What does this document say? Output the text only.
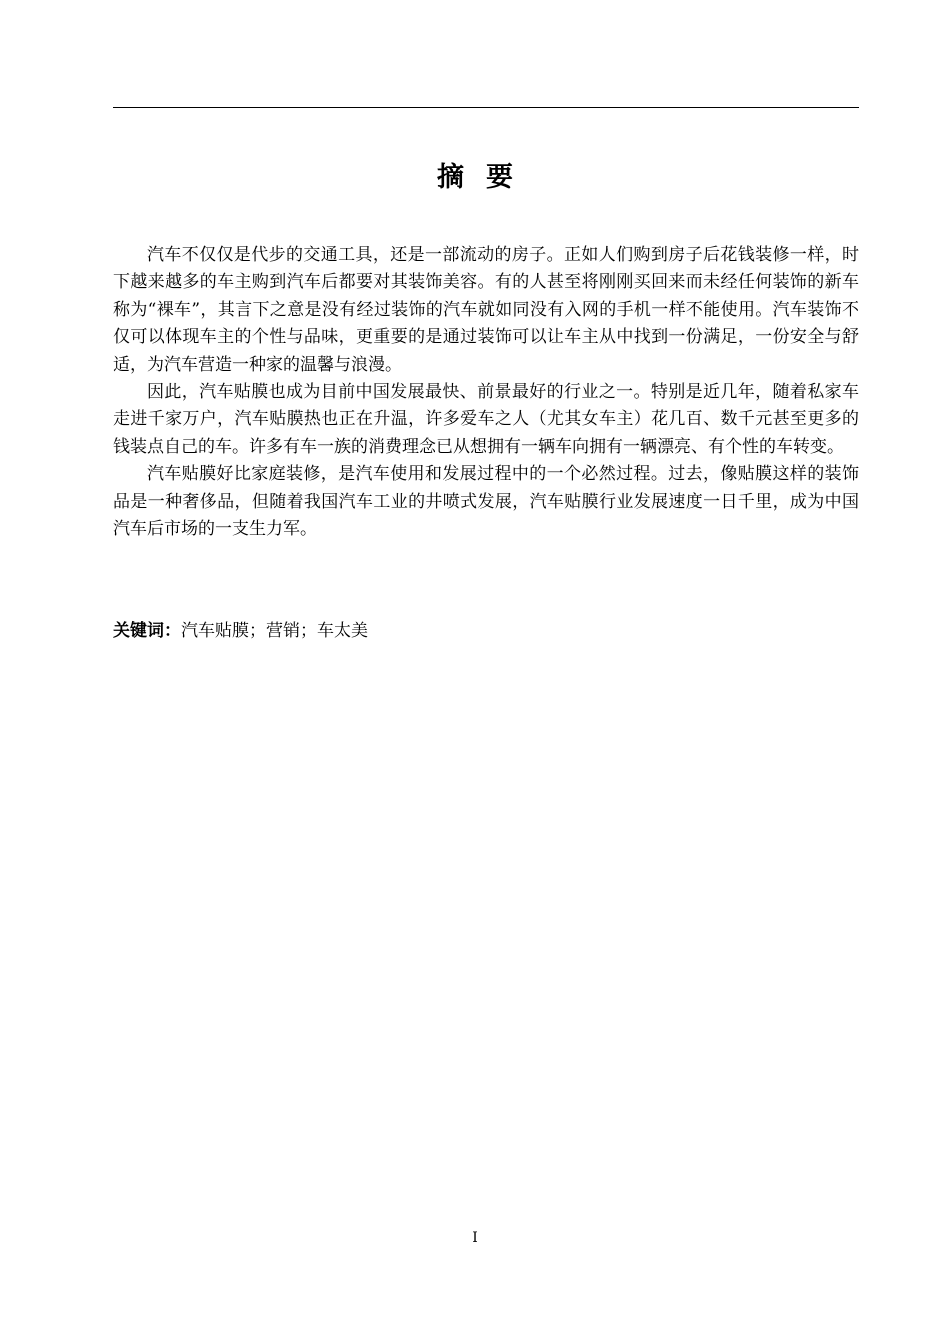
摘要

汽车不仅仅是代步的交通工具，还是一部流动的房子。正如人们购到房子后花钱装修一样，时下越来越多的车主购到汽车后都要对其装饰美容。有的人甚至将刚刚买回来而未经任何装饰的新车称为“裸车”，其言下之意是没有经过装饰的汽车就如同没有入网的手机一样不能使用。汽车装饰不仅可以体现车主的个性与品味，更重要的是通过装饰可以让车主从中找到一份满足，一份安全与舒适，为汽车营造一种家的温馨与浪漫。

因此，汽车贴膜也成为目前中国发展最快、前景最好的行业之一。特别是近几年，随着私家车走进千家万户，汽车贴膜热也正在升温，许多爱车之人（尤其女车主）花几百、数千元甚至更多的钱装点自己的车。许多有车一族的消费理念已从想拥有一辆车向拥有一辆漂亮、有个性的车转变。

汽车贴膜好比家庭装修，是汽车使用和发展过程中的一个必然过程。过去，像贴膜这样的装饰品是一种奢侈品，但随着我国汽车工业的井喷式发展，汽车贴膜行业发展速度一日千里，成为中国汽车后市场的一支生力军。

关键词：汽车贴膜；营销；车太美
I
